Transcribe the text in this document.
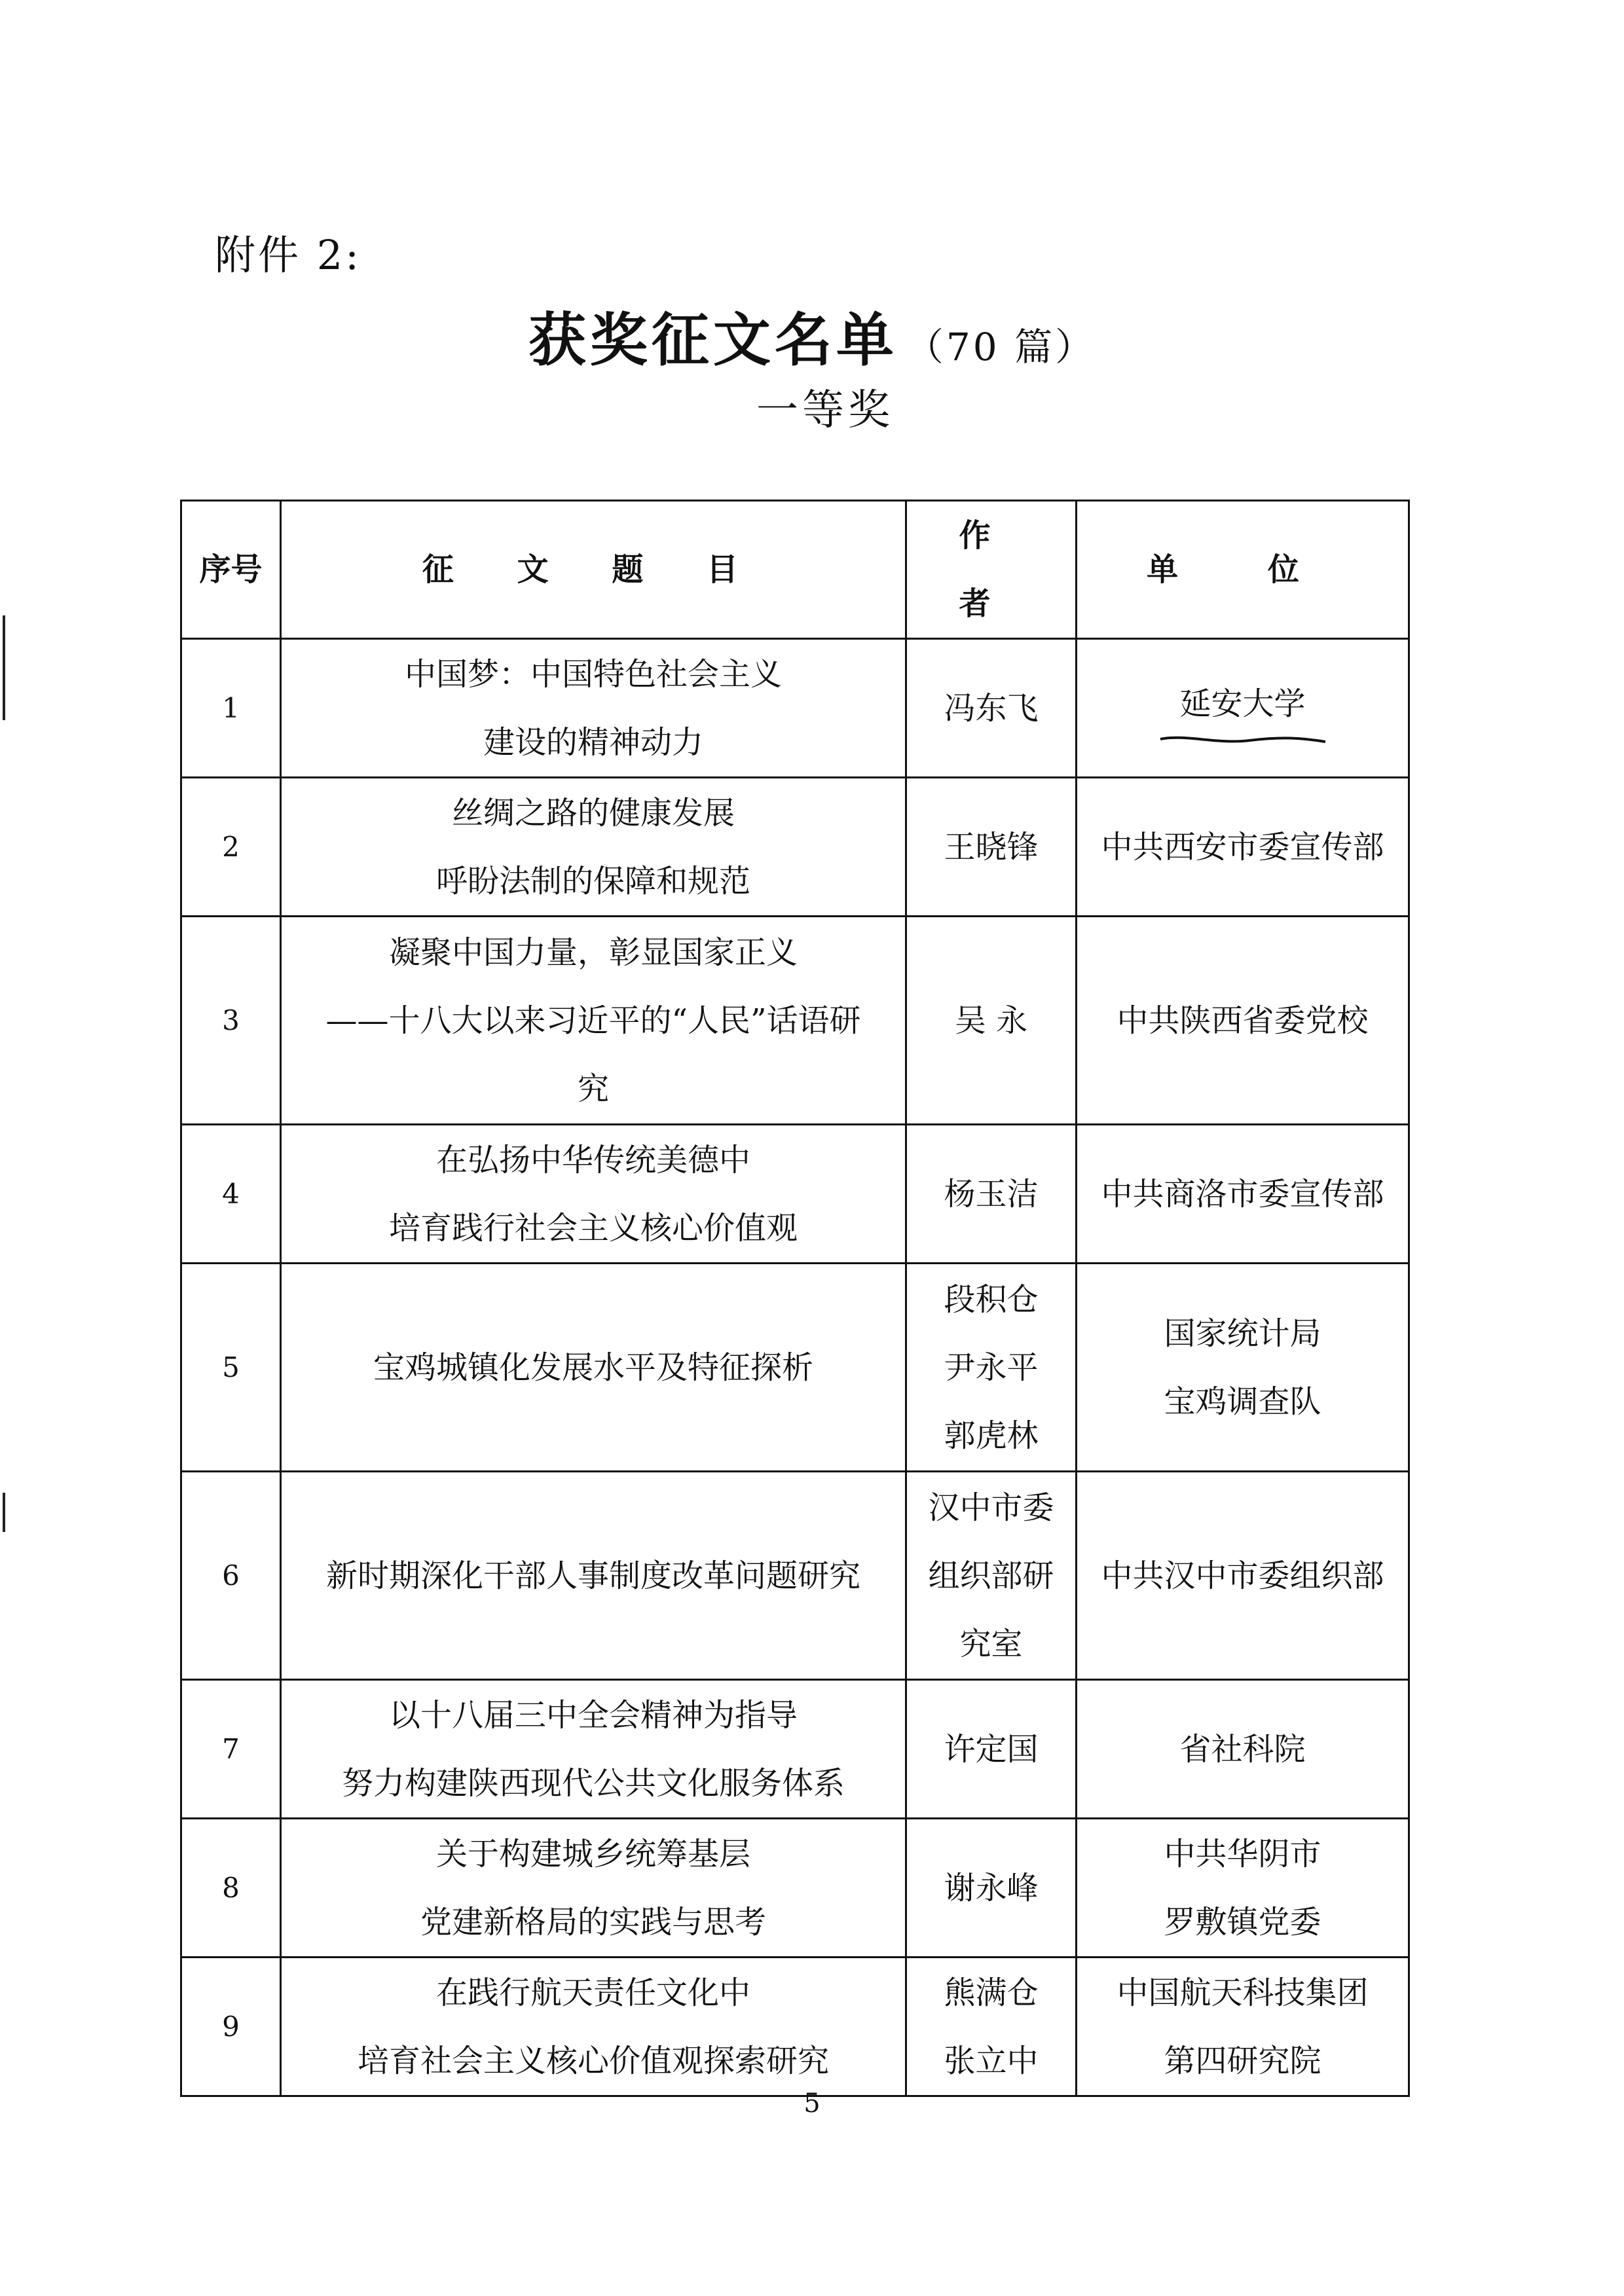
附件 2:
获奖征文名单 （70 篇）
一等奖
序号	征 文 题 目	作 者	单 位
1	中国梦：中国特色社会主义
建设的精神动力	冯东飞	延安大学

2	丝绸之路的健康发展
呼盼法制的保障和规范	王晓锋	中共西安市委宣传部

3	凝聚中国力量，彰显国家正义
——十八大以来习近平的“人民”话语研
究	吴 永	中共陕西省委党校

4	在弘扬中华传统美德中
培育践行社会主义核心价值观	杨玉洁	中共商洛市委宣传部

5	宝鸡城镇化发展水平及特征探析	段积仓
尹永平
郭虎林	国家统计局
宝鸡调查队

6	新时期深化干部人事制度改革问题研究	汉中市委
组织部研
究室	中共汉中市委组织部

7	以十八届三中全会精神为指导
努力构建陕西现代公共文化服务体系	许定国	省社科院

8	关于构建城乡统筹基层
党建新格局的实践与思考	谢永峰	中共华阴市
罗敷镇党委

9	在践行航天责任文化中
培育社会主义核心价值观探索研究	熊满仓
张立中	中国航天科技集团
第四研究院
5
